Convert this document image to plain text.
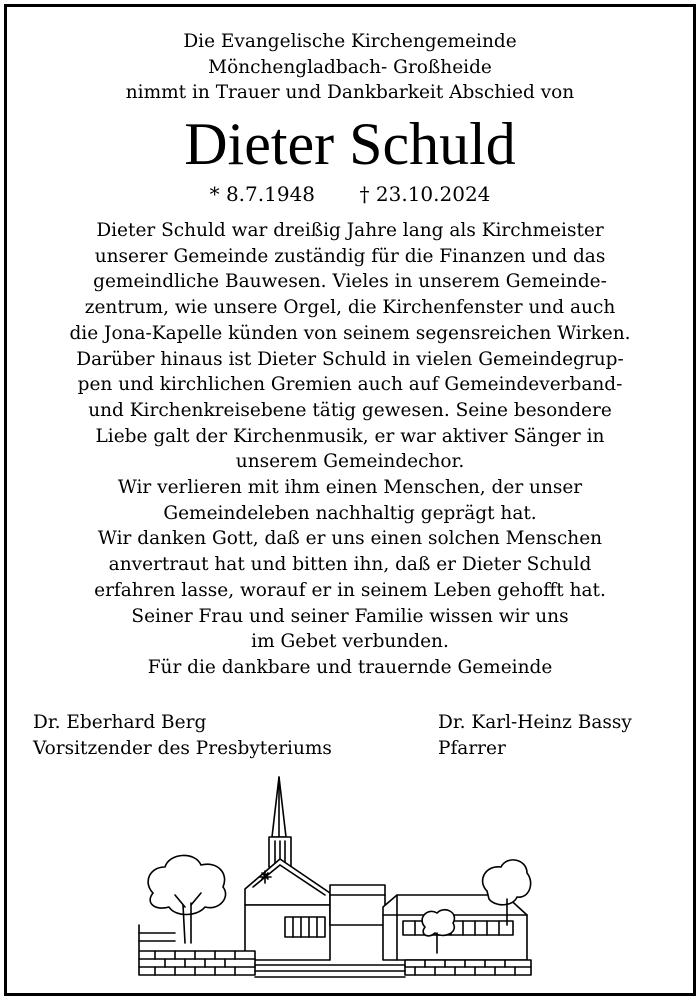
Die Evangelische Kirchengemeinde
Mönchengladbach- Großheide
nimmt in Trauer und Dankbarkeit Abschied von
Dieter Schuld
* 8.7.1948 † 23.10.2024
Dieter Schuld war dreißig Jahre lang als Kirchmeister
unserer Gemeinde zuständig für die Finanzen und das
gemeindliche Bauwesen. Vieles in unserem Gemeinde-
zentrum, wie unsere Orgel, die Kirchenfenster und auch
die Jona-Kapelle künden von seinem segensreichen Wirken.
Darüber hinaus ist Dieter Schuld in vielen Gemeindegrup-
pen und kirchlichen Gremien auch auf Gemeindeverband-
und Kirchenkreisebene tätig gewesen. Seine besondere
Liebe galt der Kirchenmusik, er war aktiver Sänger in
unserem Gemeindechor.
Wir verlieren mit ihm einen Menschen, der unser
Gemeindeleben nachhaltig geprägt hat.
Wir danken Gott, daß er uns einen solchen Menschen
anvertraut hat und bitten ihn, daß er Dieter Schuld
erfahren lasse, worauf er in seinem Leben gehofft hat.
Seiner Frau und seiner Familie wissen wir uns
im Gebet verbunden.
Für die dankbare und trauernde Gemeinde
Dr. Eberhard Berg
Vorsitzender des Presbyteriums
Dr. Karl-Heinz Bassy
Pfarrer
